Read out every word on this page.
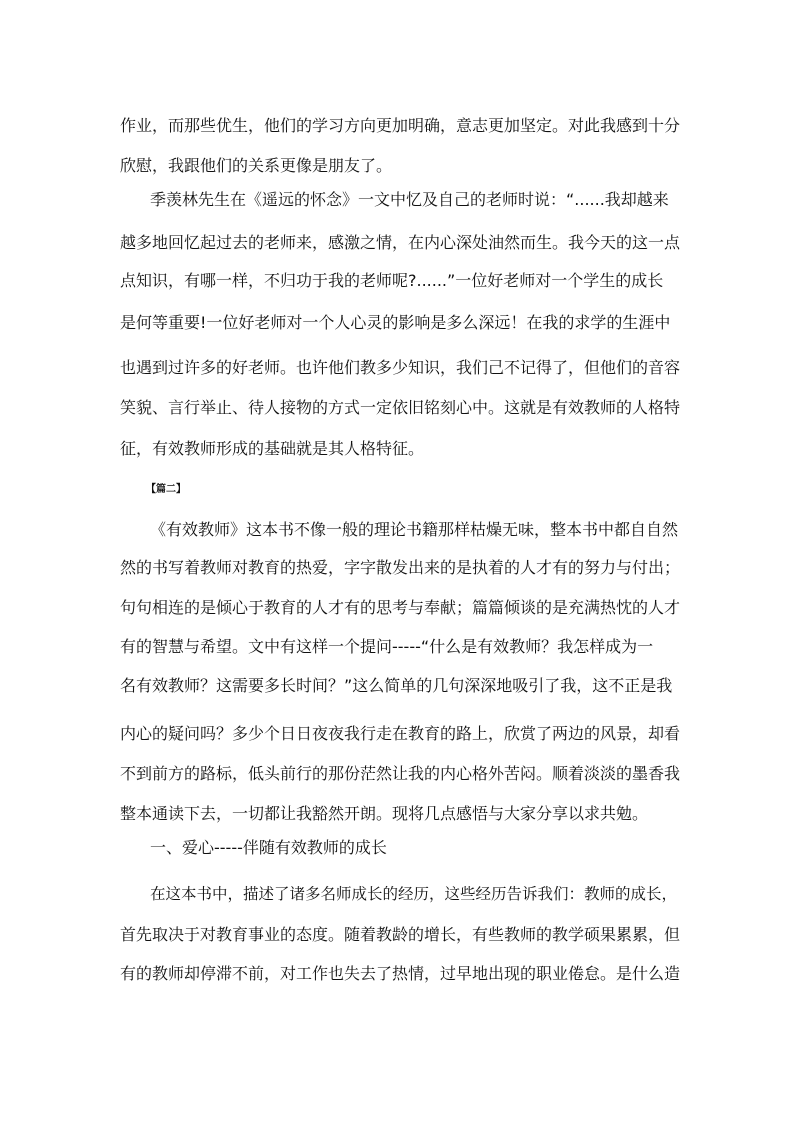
作业，而那些优生，他们的学习方向更加明确，意志更加坚定。对此我感到十分
欣慰，我跟他们的关系更像是朋友了。
季羡林先生在《遥远的怀念》一文中忆及自己的老师时说：“......我却越来
越多地回忆起过去的老师来，感激之情，在内心深处油然而生。我今天的这一点
点知识，有哪一样，不归功于我的老师呢?......”一位好老师对一个学生的成长
是何等重要!一位好老师对一个人心灵的影响是多么深远！在我的求学的生涯中
也遇到过许多的好老师。也许他们教多少知识，我们己不记得了，但他们的音容
笑貌、言行举止、待人接物的方式一定依旧铭刻心中。这就是有效教师的人格特
征，有效教师形成的基础就是其人格特征。
【篇二】
《有效教师》这本书不像一般的理论书籍那样枯燥无味，整本书中都自自然
然的书写着教师对教育的热爱，字字散发出来的是执着的人才有的努力与付出；
句句相连的是倾心于教育的人才有的思考与奉献；篇篇倾谈的是充满热忱的人才
有的智慧与希望。文中有这样一个提问-----“什么是有效教师？我怎样成为一
名有效教师？这需要多长时间？”这么简单的几句深深地吸引了我，这不正是我
内心的疑问吗？多少个日日夜夜我行走在教育的路上，欣赏了两边的风景，却看
不到前方的路标，低头前行的那份茫然让我的内心格外苦闷。顺着淡淡的墨香我
整本通读下去，一切都让我豁然开朗。现将几点感悟与大家分享以求共勉。
一、爱心-----伴随有效教师的成长
在这本书中，描述了诸多名师成长的经历，这些经历告诉我们：教师的成长，
首先取决于对教育事业的态度。随着教龄的增长，有些教师的教学硕果累累，但
有的教师却停滞不前，对工作也失去了热情，过早地出现的职业倦怠。是什么造
